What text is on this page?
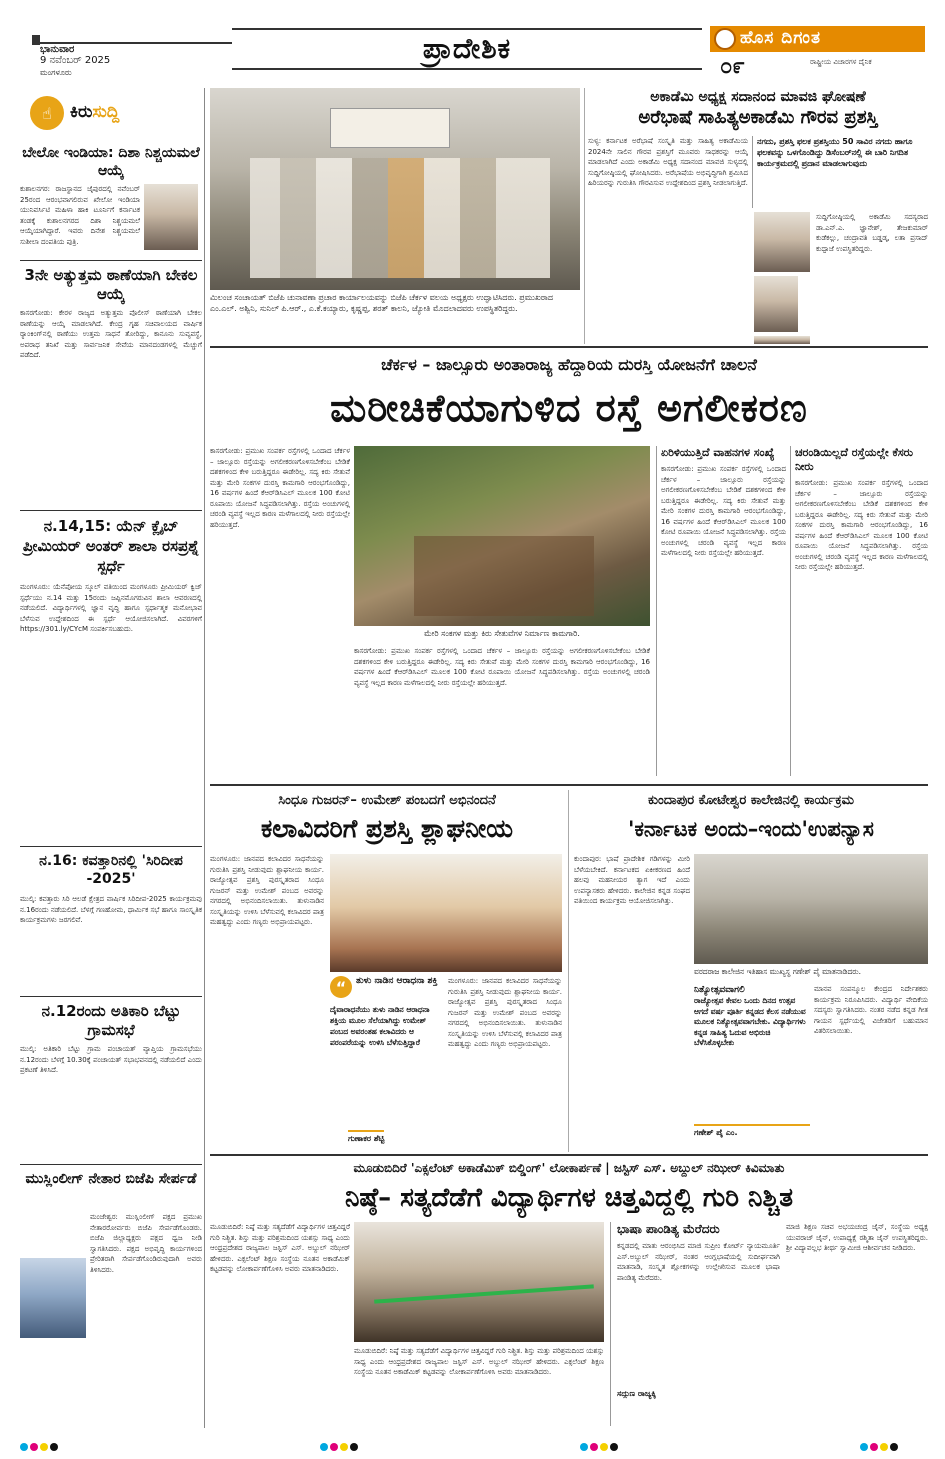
ಭಾನುವಾರ
9 ನವೆಂಬರ್ 2025
ಮಂಗಳೂರು
ಪ್ರಾದೇಶಿಕ	ಹೊಸ ದಿಗಂತ
೦೯	ರಾಷ್ಟ್ರೀಯ ವಿಚಾರಗಳ ದೈನಿಕ
☝	ಕಿರುಸುದ್ದಿ
ಬೇಲೋ ಇಂಡಿಯಾ: ದಿಶಾ ನಿಶ್ಚಯಮಲೆ ಆಯ್ಕೆ
ಕುಶಾಲನಗರ: ರಾಜಸ್ಥಾನದ ಜೈಪುರದಲ್ಲಿ ನವೆಂಬರ್ 25ರಂದ ಆರಂಭವಾಗಲಿರುವ ಖೇಲೋ ಇಂಡಿಯಾ ಯುನಿವರ್ಸಿಟಿ ಮಹಿಳಾ ಹಾಕಿ ಟೂರ್ನಿಗೆ ಕರ್ನಾಟಕ ತಂಡಕ್ಕೆ ಕುಶಾಲನಗರದ ದಿಶಾ ನಿಶ್ಚಯಮಲೆ ಆಯ್ಕೆಯಾಗಿದ್ದಾರೆ. ಇವರು ದಿನೇಶ ನಿಶ್ಚಯಮಲೆ ಸುಶೀಲಾ ದಂಪತಿಯ ಪುತ್ರಿ.
3ನೇ ಅತ್ಯುತ್ತಮ ಠಾಣೆಯಾಗಿ ಬೇಕಲ ಆಯ್ಕೆ
ಕಾಸರಗೋಡು: ಕೇರಳ ರಾಜ್ಯದ ಅತ್ಯುತ್ತಮ ಪೊಲೀಸ್ ಠಾಣೆಯಾಗಿ ಬೇಕಲ ಠಾಣೆಯನ್ನು ಆಯ್ಕೆ ಮಾಡಲಾಗಿದೆ. ಕೇಂದ್ರ ಗೃಹ ಸಚಿವಾಲಯದ ವಾರ್ಷಿಕ ರ್‍ಯಾಂಕಿಂಗ್‌ನಲ್ಲಿ ಠಾಣೆಯು ಉತ್ತಮ ಸಾಧನೆ ತೋರಿದ್ದು, ಕಾನೂನು ಸುವ್ಯವಸ್ಥೆ, ಅಪರಾಧ ತನಿಖೆ ಮತ್ತು ಸಾರ್ವಜನಿಕ ಸೇವೆಯ ಮಾನದಂಡಗಳಲ್ಲಿ ಮೆಚ್ಚುಗೆ ಪಡೆದಿದೆ.
ನ.14,15: ಯೆನ್ ಕ್ಲೈಬ್ ಪ್ರೀಮಿಯರ್ ಅಂತರ್ ಶಾಲಾ ರಸಪ್ರಶ್ನೆ ಸ್ಪರ್ಧೆ
ಮಂಗಳೂರು: ಯೆನೆಪೋಯ ಸ್ಕೂಲ್ ವತಿಯಿಂದ ಮಂಗಳೂರು ಪ್ರೀಮಿಯರ್ ಕ್ವಿಜ್ ಸ್ಪರ್ಧೆಯು ನ.14 ಮತ್ತು 15ರಂದು ಜಪ್ಪಿನಮೊಗರುವಿನ ಶಾಲಾ ಆವರಣದಲ್ಲಿ ನಡೆಯಲಿದೆ. ವಿದ್ಯಾರ್ಥಿಗಳಲ್ಲಿ ಜ್ಞಾನ ವೃದ್ಧಿ ಹಾಗೂ ಸ್ಪರ್ಧಾತ್ಮಕ ಮನೋಭಾವ ಬೆಳೆಸುವ ಉದ್ದೇಶದಿಂದ ಈ ಸ್ಪರ್ಧೆ ಆಯೋಜಿಸಲಾಗಿದೆ. ವಿವರಗಳಿಗೆ https://301.ly/CYcM ಸಂಪರ್ಕಿಸಬಹುದು.
ನ.16: ಕವತ್ತಾರಿನಲ್ಲಿ 'ಸಿರಿದೀಪ -2025'
ಮುಲ್ಕಿ: ಕವತ್ತಾರು ಸಿರಿ ಆಲಡೆ ಕ್ಷೇತ್ರದ ವಾರ್ಷಿಕ ಸಿರಿದೀಪ-2025 ಕಾರ್ಯಕ್ರಮವು ನ.16ರಂದು ನಡೆಯಲಿದೆ. ಬೆಳಗ್ಗೆ ಗಣಹೋಮ, ಧಾರ್ಮಿಕ ಸಭೆ ಹಾಗೂ ಸಾಂಸ್ಕೃತಿಕ ಕಾರ್ಯಕ್ರಮಗಳು ಜರಗಲಿವೆ.
ನ.12ರಂದು ಅತಿಕಾರಿ ಬೆಟ್ಟು ಗ್ರಾಮಸಭೆ
ಮುಲ್ಕಿ: ಅತಿಕಾರಿ ಬೆಟ್ಟು ಗ್ರಾಮ ಪಂಚಾಯತ್ ವ್ಯಾಪ್ತಿಯ ಗ್ರಾಮಸಭೆಯು ನ.12ರಂದು ಬೆಳಗ್ಗೆ 10.30ಕ್ಕೆ ಪಂಚಾಯತ್ ಸಭಾಭವನದಲ್ಲಿ ನಡೆಯಲಿದೆ ಎಂದು ಪ್ರಕಟಣೆ ತಿಳಿಸಿದೆ.
ಮುಸ್ಲಿಂಲೀಗ್ ನೇತಾರ ಬಿಜೆಪಿ ಸೇರ್ಪಡೆ
ಮಂಜೇಶ್ವರ: ಮುಸ್ಲಿಂಲೀಗ್ ಪಕ್ಷದ ಪ್ರಮುಖ ನೇತಾರರೋರ್ವರು ಬಿಜೆಪಿ ಸೇರ್ಪಡೆಗೊಂಡರು. ಬಿಜೆಪಿ ಜಿಲ್ಲಾಧ್ಯಕ್ಷರು ಪಕ್ಷದ ಧ್ವಜ ನೀಡಿ ಸ್ವಾಗತಿಸಿದರು. ಪಕ್ಷದ ಅಭಿವೃದ್ಧಿ ಕಾರ್ಯಗಳಿಂದ ಪ್ರೇರಿತರಾಗಿ ಸೇರ್ಪಡೆಗೊಂಡಿರುವುದಾಗಿ ಅವರು ತಿಳಿಸಿದರು.
ಮಿಲಂಚ ಸಂಚಾಯತ್ ಬಿಜೆಪಿ ಚುನಾವಣಾ ಪ್ರಚಾರ ಕಾರ್ಯಾಲಯವನ್ನು ಬಿಜೆಪಿ ಚೆರ್ಕಳ ವಲಯ ಅಧ್ಯಕ್ಷರು ಉದ್ಘಾಟಿಸಿದರು. ಪ್ರಮುಖರಾದ ಎಂ.ಎಲ್. ಅಶ್ವಿನಿ, ಸುನಿಲ್ ಪಿ.ಆರ್., ಎ.ಕೆ.ಕಯ್ಯಾರು, ಕೃಷ್ಣಪ್ಪ, ಶರತ್ ಕಾಲನಿ, ಜ್ಯೋತಿ ಮೊದಲಾದವರು ಉಪಸ್ಥಿತರಿದ್ದರು.
ಅಕಾಡೆಮಿ ಅಧ್ಯಕ್ಷ ಸದಾನಂದ ಮಾವಜಿ ಘೋಷಣೆ
ಅರೆಭಾಷೆ ಸಾಹಿತ್ಯಅಕಾಡೆಮಿ ಗೌರವ ಪ್ರಶಸ್ತಿ
ಸುಳ್ಯ: ಕರ್ನಾಟಕ ಅರೆಭಾಷೆ ಸಂಸ್ಕೃತಿ ಮತ್ತು ಸಾಹಿತ್ಯ ಅಕಾಡೆಮಿಯ 2024ನೇ ಸಾಲಿನ ಗೌರವ ಪ್ರಶಸ್ತಿಗೆ ಮೂವರು ಸಾಧಕರನ್ನು ಆಯ್ಕೆ ಮಾಡಲಾಗಿದೆ ಎಂದು ಅಕಾಡೆಮಿ ಅಧ್ಯಕ್ಷ ಸದಾನಂದ ಮಾವಜಿ ಸುಳ್ಯದಲ್ಲಿ ಸುದ್ದಿಗೋಷ್ಠಿಯಲ್ಲಿ ಘೋಷಿಸಿದರು. ಅರೆಭಾಷೆಯ ಅಭಿವೃದ್ಧಿಗಾಗಿ ಶ್ರಮಿಸಿದ ಹಿರಿಯರನ್ನು ಗುರುತಿಸಿ ಗೌರವಿಸುವ ಉದ್ದೇಶದಿಂದ ಪ್ರಶಸ್ತಿ ನೀಡಲಾಗುತ್ತಿದೆ.
ನಗದು, ಪ್ರಶಸ್ತಿ ಫಲಕ ಪ್ರಶಸ್ತಿಯು 50 ಸಾವಿರ ನಗದು ಹಾಗೂ ಫಲಕವನ್ನು ಒಳಗೊಂಡಿದ್ದು ಡಿಸೆಂಬರ್‌ನಲ್ಲಿ ಈ ಬಾರಿ ನಿಗದಿತ ಕಾರ್ಯಕ್ರಮದಲ್ಲಿ ಪ್ರದಾನ ಮಾಡಲಾಗುವುದು
ಸುದ್ದಿಗೋಷ್ಠಿಯಲ್ಲಿ ಅಕಾಡೆಮಿ ಸದಸ್ಯರಾದ ಡಾ.ಎನ್.ಎ. ಜ್ಞಾನೇಶ್, ತೇಜಕುಮಾರ್ ಕುಡೆಕಲ್ಲು, ಚಂದ್ರಾವತಿ ಬಡ್ಡಡ್ಕ, ಲತಾ ಪ್ರಸಾದ್ ಕುದ್ಪಾಜೆ ಉಪಸ್ಥಿತರಿದ್ದರು.
ಚೆರ್ಕಳ – ಜಾಲ್ಸೂರು ಅಂತಾರಾಜ್ಯ ಹೆದ್ದಾರಿಯ ದುರಸ್ತಿ ಯೋಜನೆಗೆ ಚಾಲನೆ
ಮರೀಚಿಕೆಯಾಗುಳಿದ ರಸ್ತೆ ಅಗಲೀಕರಣ
ಕಾಸರಗೋಡು: ಪ್ರಮುಖ ಸಂಪರ್ಕ ರಸ್ತೆಗಳಲ್ಲಿ ಒಂದಾದ ಚೆರ್ಕಳ – ಜಾಲ್ಸೂರು ರಸ್ತೆಯನ್ನು ಅಗಲೀಕರಣಗೊಳಿಸಬೇಕೆಂಬ ಬೇಡಿಕೆ ದಶಕಗಳಿಂದ ಕೇಳಿ ಬರುತ್ತಿದ್ದರೂ ಈಡೇರಿಲ್ಲ. ಸದ್ಯ ಕಿರು ಸೇತುವೆ ಮತ್ತು ಮೇರಿ ಸಂಕಗಳ ದುರಸ್ತಿ ಕಾಮಗಾರಿ ಆರಂಭಗೊಂಡಿದ್ದು, 16 ವರ್ಷಗಳ ಹಿಂದೆ ಕೆಆರ್‌ಡಿಸಿಎಲ್ ಮೂಲಕ 100 ಕೋಟಿ ರೂಪಾಯಿ ಯೋಜನೆ ಸಿದ್ಧಪಡಿಸಲಾಗಿತ್ತು. ರಸ್ತೆಯ ಅಂಚುಗಳಲ್ಲಿ ಚರಂಡಿ ವ್ಯವಸ್ಥೆ ಇಲ್ಲದ ಕಾರಣ ಮಳೆಗಾಲದಲ್ಲಿ ನೀರು ರಸ್ತೆಯಲ್ಲೇ ಹರಿಯುತ್ತದೆ.
ಮೇರಿ ಸಂಕಗಳ ಮತ್ತು ಕಿರು ಸೇತುವೆಗಳ ನಿರ್ಮಾಣ ಕಾಮಗಾರಿ.
ಕಾಸರಗೋಡು: ಪ್ರಮುಖ ಸಂಪರ್ಕ ರಸ್ತೆಗಳಲ್ಲಿ ಒಂದಾದ ಚೆರ್ಕಳ – ಜಾಲ್ಸೂರು ರಸ್ತೆಯನ್ನು ಅಗಲೀಕರಣಗೊಳಿಸಬೇಕೆಂಬ ಬೇಡಿಕೆ ದಶಕಗಳಿಂದ ಕೇಳಿ ಬರುತ್ತಿದ್ದರೂ ಈಡೇರಿಲ್ಲ. ಸದ್ಯ ಕಿರು ಸೇತುವೆ ಮತ್ತು ಮೇರಿ ಸಂಕಗಳ ದುರಸ್ತಿ ಕಾಮಗಾರಿ ಆರಂಭಗೊಂಡಿದ್ದು, 16 ವರ್ಷಗಳ ಹಿಂದೆ ಕೆಆರ್‌ಡಿಸಿಎಲ್ ಮೂಲಕ 100 ಕೋಟಿ ರೂಪಾಯಿ ಯೋಜನೆ ಸಿದ್ಧಪಡಿಸಲಾಗಿತ್ತು. ರಸ್ತೆಯ ಅಂಚುಗಳಲ್ಲಿ ಚರಂಡಿ ವ್ಯವಸ್ಥೆ ಇಲ್ಲದ ಕಾರಣ ಮಳೆಗಾಲದಲ್ಲಿ ನೀರು ರಸ್ತೆಯಲ್ಲೇ ಹರಿಯುತ್ತದೆ.
ಏರಿಳಿಯುತ್ತಿದೆ ವಾಹನಗಳ ಸಂಖ್ಯೆ
ಕಾಸರಗೋಡು: ಪ್ರಮುಖ ಸಂಪರ್ಕ ರಸ್ತೆಗಳಲ್ಲಿ ಒಂದಾದ ಚೆರ್ಕಳ – ಜಾಲ್ಸೂರು ರಸ್ತೆಯನ್ನು ಅಗಲೀಕರಣಗೊಳಿಸಬೇಕೆಂಬ ಬೇಡಿಕೆ ದಶಕಗಳಿಂದ ಕೇಳಿ ಬರುತ್ತಿದ್ದರೂ ಈಡೇರಿಲ್ಲ. ಸದ್ಯ ಕಿರು ಸೇತುವೆ ಮತ್ತು ಮೇರಿ ಸಂಕಗಳ ದುರಸ್ತಿ ಕಾಮಗಾರಿ ಆರಂಭಗೊಂಡಿದ್ದು, 16 ವರ್ಷಗಳ ಹಿಂದೆ ಕೆಆರ್‌ಡಿಸಿಎಲ್ ಮೂಲಕ 100 ಕೋಟಿ ರೂಪಾಯಿ ಯೋಜನೆ ಸಿದ್ಧಪಡಿಸಲಾಗಿತ್ತು. ರಸ್ತೆಯ ಅಂಚುಗಳಲ್ಲಿ ಚರಂಡಿ ವ್ಯವಸ್ಥೆ ಇಲ್ಲದ ಕಾರಣ ಮಳೆಗಾಲದಲ್ಲಿ ನೀರು ರಸ್ತೆಯಲ್ಲೇ ಹರಿಯುತ್ತದೆ.
ಚರಂಡಿಯಿಲ್ಲದೆ ರಸ್ತೆಯಲ್ಲೇ ಕೆಸರು ನೀರು
ಕಾಸರಗೋಡು: ಪ್ರಮುಖ ಸಂಪರ್ಕ ರಸ್ತೆಗಳಲ್ಲಿ ಒಂದಾದ ಚೆರ್ಕಳ – ಜಾಲ್ಸೂರು ರಸ್ತೆಯನ್ನು ಅಗಲೀಕರಣಗೊಳಿಸಬೇಕೆಂಬ ಬೇಡಿಕೆ ದಶಕಗಳಿಂದ ಕೇಳಿ ಬರುತ್ತಿದ್ದರೂ ಈಡೇರಿಲ್ಲ. ಸದ್ಯ ಕಿರು ಸೇತುವೆ ಮತ್ತು ಮೇರಿ ಸಂಕಗಳ ದುರಸ್ತಿ ಕಾಮಗಾರಿ ಆರಂಭಗೊಂಡಿದ್ದು, 16 ವರ್ಷಗಳ ಹಿಂದೆ ಕೆಆರ್‌ಡಿಸಿಎಲ್ ಮೂಲಕ 100 ಕೋಟಿ ರೂಪಾಯಿ ಯೋಜನೆ ಸಿದ್ಧಪಡಿಸಲಾಗಿತ್ತು. ರಸ್ತೆಯ ಅಂಚುಗಳಲ್ಲಿ ಚರಂಡಿ ವ್ಯವಸ್ಥೆ ಇಲ್ಲದ ಕಾರಣ ಮಳೆಗಾಲದಲ್ಲಿ ನೀರು ರಸ್ತೆಯಲ್ಲೇ ಹರಿಯುತ್ತದೆ.
ಸಿಂಧೂ ಗುಜರನ್– ಉಮೇಶ್ ಪಂಬದಗೆ ಅಭಿನಂದನೆ
ಕಲಾವಿದರಿಗೆ ಪ್ರಶಸ್ತಿ ಶ್ಲಾಘನೀಯ
ಮಂಗಳೂರು: ಜಾನಪದ ಕಲಾವಿದರ ಸಾಧನೆಯನ್ನು ಗುರುತಿಸಿ ಪ್ರಶಸ್ತಿ ನೀಡುವುದು ಶ್ಲಾಘನೀಯ ಕಾರ್ಯ. ರಾಜ್ಯೋತ್ಸವ ಪ್ರಶಸ್ತಿ ಪುರಸ್ಕೃತರಾದ ಸಿಂಧೂ ಗುಜರನ್ ಮತ್ತು ಉಮೇಶ್ ಪಂಬದ ಅವರನ್ನು ನಗರದಲ್ಲಿ ಅಭಿನಂದಿಸಲಾಯಿತು. ತುಳುನಾಡಿನ ಸಂಸ್ಕೃತಿಯನ್ನು ಉಳಿಸಿ ಬೆಳೆಸುವಲ್ಲಿ ಕಲಾವಿದರ ಪಾತ್ರ ಮಹತ್ವದ್ದು ಎಂದು ಗಣ್ಯರು ಅಭಿಪ್ರಾಯಪಟ್ಟರು.
“	ತುಳು ನಾಡಿನ ಆರಾಧನಾ ಶಕ್ತಿ
ದೈವಾರಾಧನೆಯು ತುಳು ನಾಡಿನ ಆರಾಧನಾ ಶಕ್ತಿಯ ಮೂಲ ಸೆಲೆಯಾಗಿದ್ದು ಉಮೇಶ್ ಪಂಬದ ಅವರಂತಹ ಕಲಾವಿದರು ಆ ಪರಂಪರೆಯನ್ನು ಉಳಿಸಿ ಬೆಳೆಸುತ್ತಿದ್ದಾರೆ
ಗುಣಾಕರ ಶೆಟ್ಟಿ
ಮಂಗಳೂರು: ಜಾನಪದ ಕಲಾವಿದರ ಸಾಧನೆಯನ್ನು ಗುರುತಿಸಿ ಪ್ರಶಸ್ತಿ ನೀಡುವುದು ಶ್ಲಾಘನೀಯ ಕಾರ್ಯ. ರಾಜ್ಯೋತ್ಸವ ಪ್ರಶಸ್ತಿ ಪುರಸ್ಕೃತರಾದ ಸಿಂಧೂ ಗುಜರನ್ ಮತ್ತು ಉಮೇಶ್ ಪಂಬದ ಅವರನ್ನು ನಗರದಲ್ಲಿ ಅಭಿನಂದಿಸಲಾಯಿತು. ತುಳುನಾಡಿನ ಸಂಸ್ಕೃತಿಯನ್ನು ಉಳಿಸಿ ಬೆಳೆಸುವಲ್ಲಿ ಕಲಾವಿದರ ಪಾತ್ರ ಮಹತ್ವದ್ದು ಎಂದು ಗಣ್ಯರು ಅಭಿಪ್ರಾಯಪಟ್ಟರು.
ಕುಂದಾಪುರ ಕೋಟೇಶ್ವರ ಕಾಲೇಜಿನಲ್ಲಿ ಕಾರ್ಯಕ್ರಮ
'ಕರ್ನಾಟಕ ಅಂದು–ಇಂದು'ಉಪನ್ಯಾಸ
ಕುಂದಾಪುರ: ಭಾಷೆ ಪ್ರಾದೇಶಿಕ ಗಡಿಗಳನ್ನು ಮೀರಿ ಬೆಳೆಯಬೇಕಿದೆ. ಕರ್ನಾಟಕದ ಏಕೀಕರಣದ ಹಿಂದೆ ಹಲವು ಮಹನೀಯರ ತ್ಯಾಗ ಇದೆ ಎಂದು ಉಪನ್ಯಾಸಕರು ಹೇಳಿದರು. ಕಾಲೇಜಿನ ಕನ್ನಡ ಸಂಘದ ವತಿಯಿಂದ ಕಾರ್ಯಕ್ರಮ ಆಯೋಜಿಸಲಾಗಿತ್ತು.
ವರದರಾಜ ಕಾಲೇಜಿನ ಇತಿಹಾಸ ಮುಖ್ಯಸ್ಥ ಗಣೇಶ್ ಪೈ ಮಾತನಾಡಿದರು.
ನಿತ್ಯೋತ್ಸವವಾಗಲಿ
ರಾಜ್ಯೋತ್ಸವ ಕೇವಲ ಒಂದು ದಿನದ ಉತ್ಸವ ಆಗದೆ ವರ್ಷ ಪೂರ್ತಿ ಕನ್ನಡದ ಕೆಲಸ ನಡೆಯುವ ಮೂಲಕ ನಿತ್ಯೋತ್ಸವವಾಗಬೇಕು. ವಿದ್ಯಾರ್ಥಿಗಳು ಕನ್ನಡ ಸಾಹಿತ್ಯ ಓದುವ ಅಭಿರುಚಿ ಬೆಳೆಸಿಕೊಳ್ಳಬೇಕು
ಗಣೇಶ್ ಪೈ ಎಂ.
ಮಾನವ ಸಂಪನ್ಮೂಲ ಕೇಂದ್ರದ ನಿರ್ದೇಶಕರು ಕಾರ್ಯಕ್ರಮ ನಿರೂಪಿಸಿದರು. ವಿದ್ಯಾರ್ಥಿ ವೇದಿಕೆಯ ಸದಸ್ಯರು ಸ್ವಾಗತಿಸಿದರು. ನಂತರ ನಡೆದ ಕನ್ನಡ ಗೀತ ಗಾಯನ ಸ್ಪರ್ಧೆಯಲ್ಲಿ ವಿಜೇತರಿಗೆ ಬಹುಮಾನ ವಿತರಿಸಲಾಯಿತು.
ಮೂಡುಬಿದಿರೆ 'ಎಕ್ಸಲೆಂಟ್ ಅಕಾಡೆಮಿಕ್ ಬಿಲ್ಡಿಂಗ್' ಲೋಕಾರ್ಪಣೆ | ಜಸ್ಟಿಸ್ ಎಸ್. ಅಬ್ದುಲ್ ನಝೀರ್ ಕಿವಿಮಾತು
ನಿಷ್ಠೆ– ಸತ್ಯದೆಡೆಗೆ ವಿದ್ಯಾರ್ಥಿಗಳ ಚಿತ್ತವಿದ್ದಲ್ಲಿ ಗುರಿ ನಿಶ್ಚಿತ
ಮೂಡುಬಿದಿರೆ: ನಿಷ್ಠೆ ಮತ್ತು ಸತ್ಯದೆಡೆಗೆ ವಿದ್ಯಾರ್ಥಿಗಳ ಚಿತ್ತವಿದ್ದರೆ ಗುರಿ ನಿಶ್ಚಿತ. ಶಿಸ್ತು ಮತ್ತು ಪರಿಶ್ರಮದಿಂದ ಯಶಸ್ಸು ಸಾಧ್ಯ ಎಂದು ಆಂಧ್ರಪ್ರದೇಶದ ರಾಜ್ಯಪಾಲ ಜಸ್ಟಿಸ್ ಎಸ್. ಅಬ್ದುಲ್ ನಝೀರ್ ಹೇಳಿದರು. ಎಕ್ಸಲೆಂಟ್ ಶಿಕ್ಷಣ ಸಂಸ್ಥೆಯ ನೂತನ ಅಕಾಡೆಮಿಕ್ ಕಟ್ಟಡವನ್ನು ಲೋಕಾರ್ಪಣೆಗೊಳಿಸಿ ಅವರು ಮಾತನಾಡಿದರು.
ಮೂಡುಬಿದಿರೆ: ನಿಷ್ಠೆ ಮತ್ತು ಸತ್ಯದೆಡೆಗೆ ವಿದ್ಯಾರ್ಥಿಗಳ ಚಿತ್ತವಿದ್ದರೆ ಗುರಿ ನಿಶ್ಚಿತ. ಶಿಸ್ತು ಮತ್ತು ಪರಿಶ್ರಮದಿಂದ ಯಶಸ್ಸು ಸಾಧ್ಯ ಎಂದು ಆಂಧ್ರಪ್ರದೇಶದ ರಾಜ್ಯಪಾಲ ಜಸ್ಟಿಸ್ ಎಸ್. ಅಬ್ದುಲ್ ನಝೀರ್ ಹೇಳಿದರು. ಎಕ್ಸಲೆಂಟ್ ಶಿಕ್ಷಣ ಸಂಸ್ಥೆಯ ನೂತನ ಅಕಾಡೆಮಿಕ್ ಕಟ್ಟಡವನ್ನು ಲೋಕಾರ್ಪಣೆಗೊಳಿಸಿ ಅವರು ಮಾತನಾಡಿದರು.
ಭಾಷಾ ಪಾಂಡಿತ್ಯ ಮೆರೆದರು
ಕನ್ನಡದಲ್ಲಿ ಮಾತು ಆರಂಭಿಸಿದ ಮಾಜಿ ಸುಪ್ರೀಂ ಕೋರ್ಟ್ ನ್ಯಾಯಮೂರ್ತಿ ಎಸ್.ಅಬ್ದುಲ್ ನಝೀರ್, ನಂತರ ಆಂಗ್ಲಭಾಷೆಯಲ್ಲಿ ಸುದೀರ್ಘವಾಗಿ ಮಾತನಾಡಿ, ಸಂಸ್ಕೃತ ಶ್ಲೋಕಗಳನ್ನು ಉಲ್ಲೇಖಿಸುವ ಮೂಲಕ ಭಾಷಾ ಪಾಂಡಿತ್ಯ ಮೆರೆದರು.
ಸದ್ಗುಣ ರಾಜ್ಯಕ್ಕಿ
ಮಾಜಿ ಶಿಕ್ಷಣ ಸಚಿವ ಅಭಯಚಂದ್ರ ಜೈನ್, ಸಂಸ್ಥೆಯ ಅಧ್ಯಕ್ಷ ಯುವರಾಜ್ ಜೈನ್, ಉಪಾಧ್ಯಕ್ಷೆ ರಶ್ಮಿತಾ ಜೈನ್ ಉಪಸ್ಥಿತರಿದ್ದರು. ಶ್ರೀ ವಿದ್ಯಾವಲ್ಲಭ ತೀರ್ಥ ಸ್ವಾಮೀಜಿ ಆಶೀರ್ವಚನ ನೀಡಿದರು.
